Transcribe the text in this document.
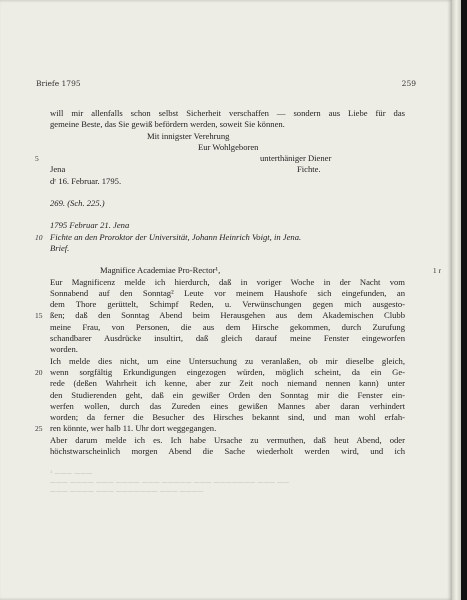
Briefe 1795	259
will mir allenfalls schon selbst Sicherheit verschaffen — sondern aus Liebe für das
gemeine Beste, das Sie gewiß befördern werden, soweit Sie können.
Mit innigster Verehrung
Eur Wohlgeboren
unterthäniger Diener
5
Jena	Fichte.
dʳ 16. Februar. 1795.
269. (Sch. 225.)
1795 Februar 21. Jena
Fichte an den Proroktor der Universität, Johann Heinrich Voigt, in Jena.
10
Brief.
Magnifice Academiae Pro-Rector¹,	1 r
Eur Magnificenz melde ich hierdurch, daß in voriger Woche in der Nacht vom
Sonnabend auf den Sonntag² Leute vor meinem Haushofe sich eingefunden, an
dem Thore gerüttelt, Schimpf Reden, u. Verwünschungen gegen mich ausgesto-
15 ßen; daß den Sonntag Abend beim Herausgehen aus dem Akademischen Clubb
meine Frau, von Personen, die aus dem Hirsche gekommen, durch Zurufung
schandbarer Ausdrücke insultirt, daß gleich darauf meine Fenster eingeworfen
worden.
Ich melde dies nicht, um eine Untersuchung zu veranlaßen, ob mir dieselbe gleich,
20 wenn sorgfältig Erkundigungen eingezogen würden, möglich scheint, da ein Ge-
rede (deßen Wahrheit ich kenne, aber zur Zeit noch niemand nennen kann) unter
den Studierenden geht, daß ein gewißer Orden den Sonntag mir die Fenster ein-
werfen wollen, durch das Zureden eines gewißen Mannes aber daran verhindert
worden; da ferner die Besucher des Hirsches bekannt sind, und man wohl erfah-
25 ren könnte, wer halb 11. Uhr dort weggegangen.
Aber darum melde ich es. Ich habe Ursache zu vermuthen, daß heut Abend, oder
höchstwarscheinlich morgen Abend die Sache wiederholt werden wird, und ich
¹ ——— ———
——— ———— ——— ———— ——— ————— ——— ——————— ——— ——
——— ———— ——— ——————— ——— ————
